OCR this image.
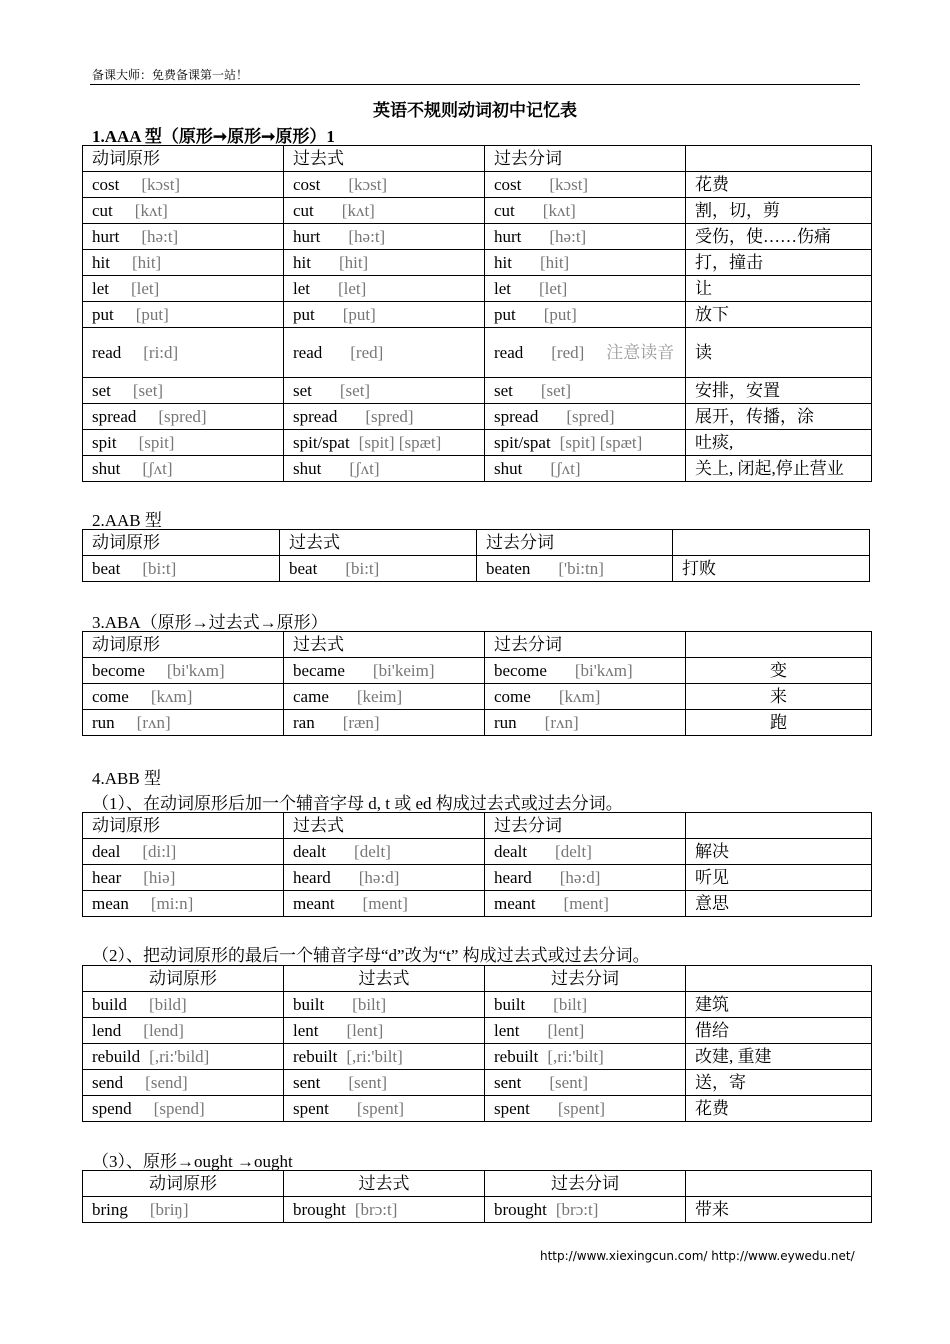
备课大师：免费备课第一站！
英语不规则动词初中记忆表
1.AAA 型（原形➞原形➞原形）1
动词原形	过去式	过去分词	
cost [kɔst]	cost [kɔst]	cost [kɔst]	花费
cut [kʌt]	cut [kʌt]	cut [kʌt]	割，切，剪
hurt [hə:t]	hurt [hə:t]	hurt [hə:t]	受伤，使……伤痛
hit [hit]	hit [hit]	hit [hit]	打，撞击
let [let]	let [let]	let [let]	让
put [put]	put [put]	put [put]	放下
read [ri:d]	read [red]	read [red] 注意读音	读
set [set]	set [set]	set [set]	安排，安置
spread [spred]	spread [spred]	spread [spred]	展开，传播，涂
spit [spit]	spit/spat [spit] [spæt]	spit/spat [spit] [spæt]	吐痰,
shut [ʃʌt]	shut [ʃʌt]	shut [ʃʌt]	关上, 闭起,停止营业
2.AAB 型
动词原形	过去式	过去分词	
beat [bi:t]	beat [bi:t]	beaten ['bi:tn]	打败
3.ABA（原形→过去式→原形）
动词原形	过去式	过去分词	
become [bi'kʌm]	became [bi'keim]	become [bi'kʌm]	变
come [kʌm]	came [keim]	come [kʌm]	来
run [rʌn]	ran [ræn]	run [rʌn]	跑
4.ABB 型
（1）、在动词原形后加一个辅音字母 d, t 或 ed 构成过去式或过去分词。
动词原形	过去式	过去分词	
deal [di:l]	dealt [delt]	dealt [delt]	解决
hear [hiə]	heard [hə:d]	heard [hə:d]	听见
mean [mi:n]	meant [ment]	meant [ment]	意思
（2）、把动词原形的最后一个辅音字母“d”改为“t” 构成过去式或过去分词。
动词原形	过去式	过去分词	
build [bild]	built [bilt]	built [bilt]	建筑
lend [lend]	lent [lent]	lent [lent]	借给
rebuild [,ri:'bild]	rebuilt [,ri:'bilt]	rebuilt [,ri:'bilt]	改建, 重建
send [send]	sent [sent]	sent [sent]	送，寄
spend [spend]	spent [spent]	spent [spent]	花费
（3）、原形→ought →ought
动词原形	过去式	过去分词	
bring [briŋ]	brought [brɔ:t]	brought [brɔ:t]	带来
http://www.xiexingcun.com/ http://www.eywedu.net/
